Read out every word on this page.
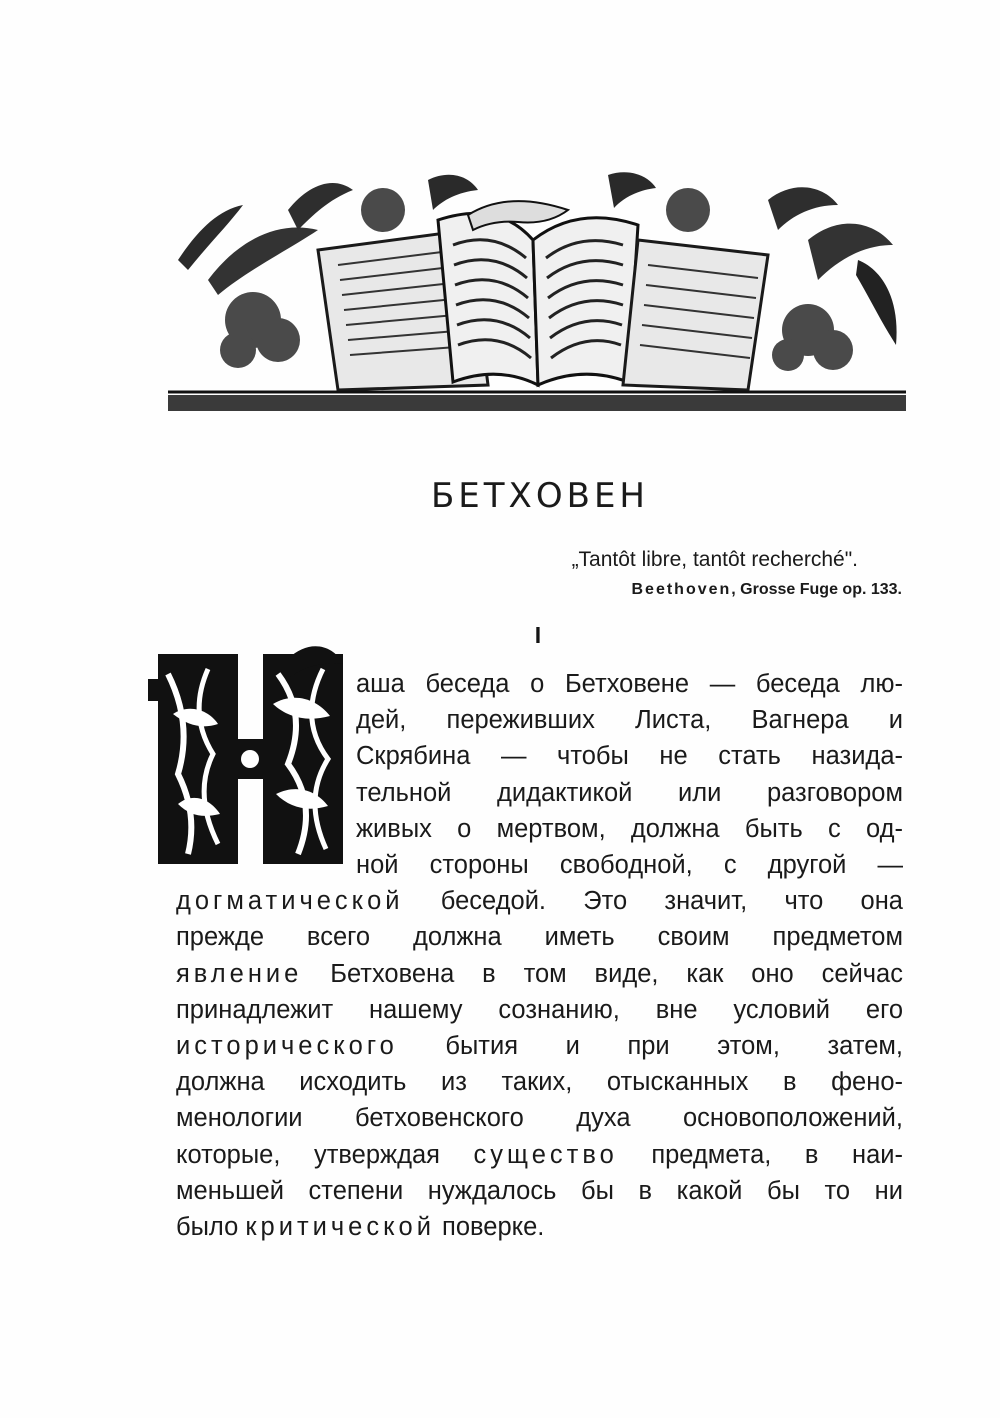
БЕТХОВЕН
„Tantôt libre, tantôt recherché".
Beethoven, Grosse Fuge op. 133.
I
аша беседа о Бетховене — беседа лю-
дей, переживших Листа, Вагнера и
Скрябина — чтобы не стать назида-
тельной дидактикой или разговором
живых о мертвом, должна быть с од-
ной стороны свободной, с другой —
догматической беседой. Это значит, что она
прежде всего должна иметь своим предметом
явление Бетховена в том виде, как оно сейчас
принадлежит нашему сознанию, вне условий его
исторического бытия и при этом, затем,
должна исходить из таких, отысканных в фено-
менологии бетховенского духа основоположений,
которые, утверждая существо предмета, в наи-
меньшей степени нуждалось бы в какой бы то ни
было критической поверке.
